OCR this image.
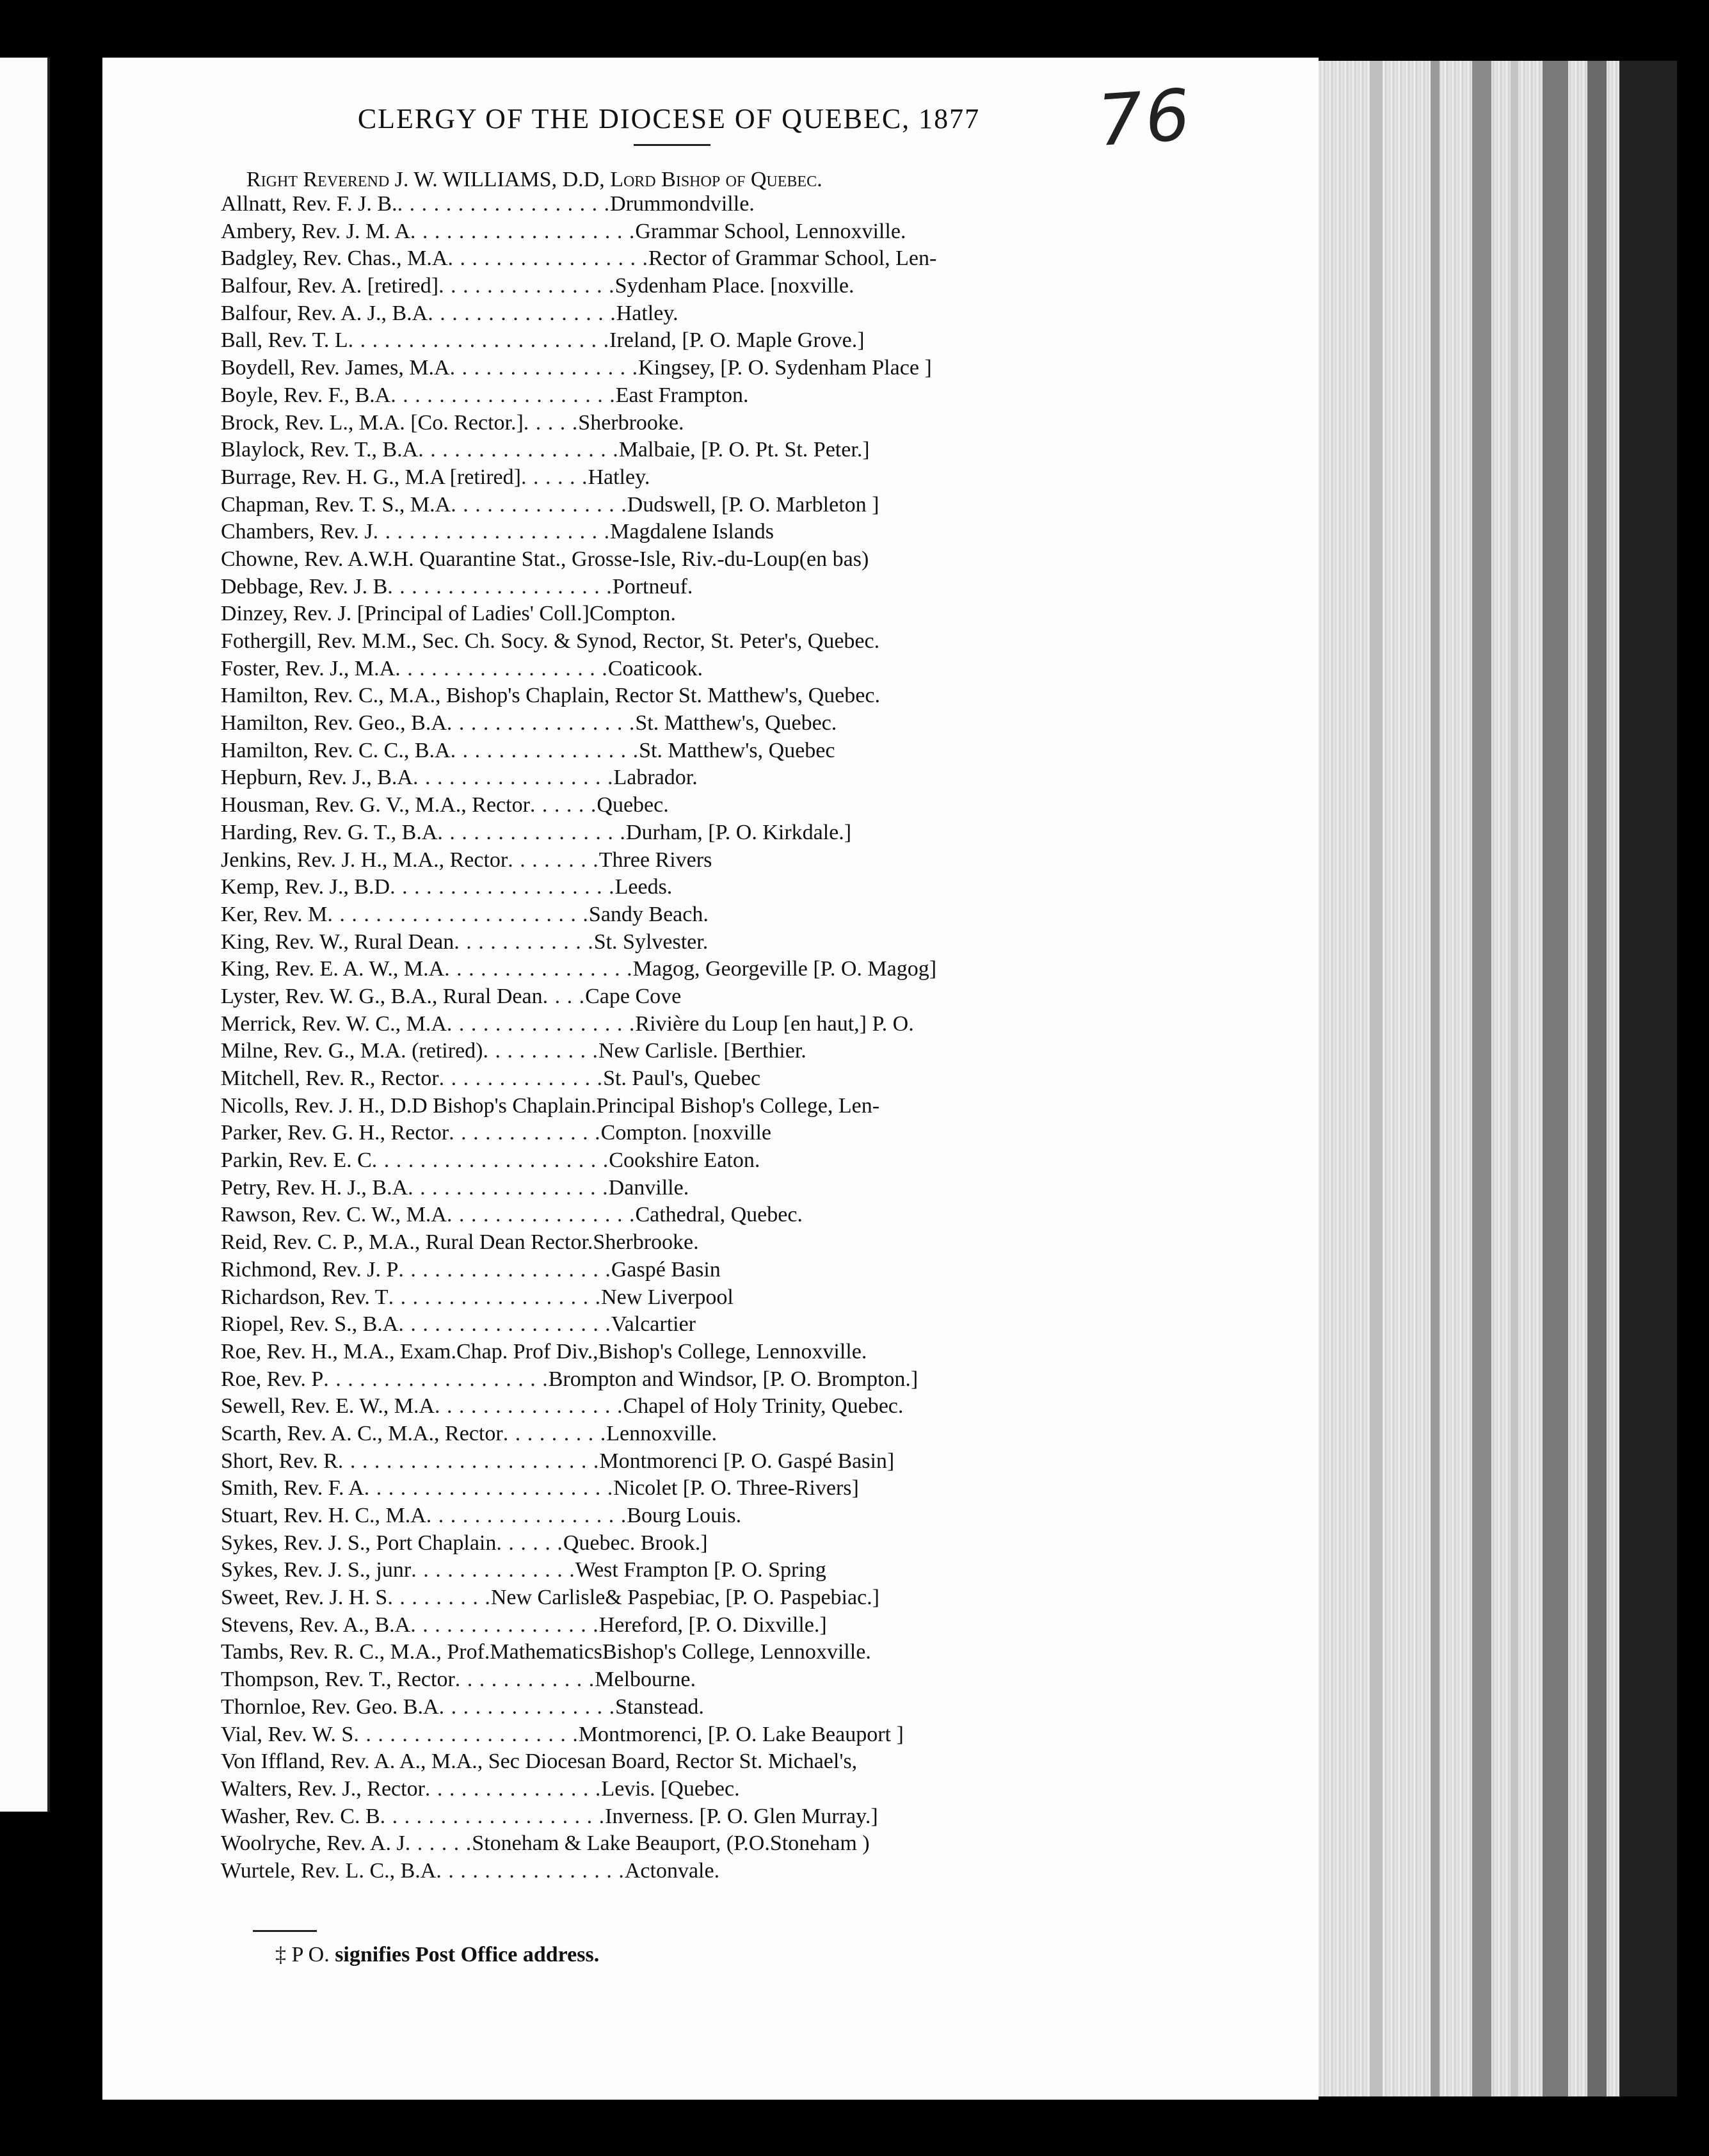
CLERGY OF THE DIOCESE OF QUEBEC, 1877	76
Right Reverend J. W. WILLIAMS, D.D, Lord Bishop of Quebec.
Allnatt, Rev. F. J. B. . . . . . . . . . . . . . . . . . . Drummondville.
Ambery, Rev. J. M. A . . . . . . . . . . . . . . . . . . . Grammar School, Lennoxville.
Badgley, Rev. Chas., M.A . . . . . . . . . . . . . . . . . Rector of Grammar School, Len-
Balfour, Rev. A. [retired] . . . . . . . . . . . . . . . Sydenham Place. [noxville.
Balfour, Rev. A. J., B.A . . . . . . . . . . . . . . . . Hatley.
Ball, Rev. T. L . . . . . . . . . . . . . . . . . . . . . . Ireland, [P. O. Maple Grove.]
Boydell, Rev. James, M.A . . . . . . . . . . . . . . . . Kingsey, [P. O. Sydenham Place ]
Boyle, Rev. F., B.A . . . . . . . . . . . . . . . . . . . East Frampton.
Brock, Rev. L., M.A. [Co. Rector.] . . . . . Sherbrooke.
Blaylock, Rev. T., B.A . . . . . . . . . . . . . . . . . Malbaie, [P. O. Pt. St. Peter.]
Burrage, Rev. H. G., M.A [retired] . . . . . . Hatley.
Chapman, Rev. T. S., M.A . . . . . . . . . . . . . . . Dudswell, [P. O. Marbleton ]
Chambers, Rev. J . . . . . . . . . . . . . . . . . . . . Magdalene Islands
Chowne, Rev. A.W.H. Quarantine Stat., Grosse-Isle, Riv.-du-Loup (en bas)
Debbage, Rev. J. B . . . . . . . . . . . . . . . . . . . Portneuf.
Dinzey, Rev. J. [Principal of Ladies' Coll.] Compton.
Fothergill, Rev. M.M., Sec. Ch. Socy. & Synod, Rector, St. Peter's, Quebec.
Foster, Rev. J., M.A . . . . . . . . . . . . . . . . . . Coaticook.
Hamilton, Rev. C., M.A., Bishop's Chaplain, Rector St. Matthew's, Quebec.
Hamilton, Rev. Geo., B.A . . . . . . . . . . . . . . . . St. Matthew's, Quebec.
Hamilton, Rev. C. C., B.A . . . . . . . . . . . . . . . . St. Matthew's, Quebec
Hepburn, Rev. J., B.A . . . . . . . . . . . . . . . . . Labrador.
Housman, Rev. G. V., M.A., Rector . . . . . . Quebec.
Harding, Rev. G. T., B.A . . . . . . . . . . . . . . . . Durham, [P. O. Kirkdale.]
Jenkins, Rev. J. H., M.A., Rector . . . . . . . . Three Rivers
Kemp, Rev. J., B.D . . . . . . . . . . . . . . . . . . . Leeds.
Ker, Rev. M . . . . . . . . . . . . . . . . . . . . . . Sandy Beach.
King, Rev. W., Rural Dean . . . . . . . . . . . . St. Sylvester.
King, Rev. E. A. W., M.A . . . . . . . . . . . . . . . . Magog, Georgeville [P. O. Magog]
Lyster, Rev. W. G., B.A., Rural Dean . . . . Cape Cove
Merrick, Rev. W. C., M.A . . . . . . . . . . . . . . . . Rivière du Loup [en haut,] P. O.
Milne, Rev. G., M.A. (retired) . . . . . . . . . . New Carlisle. [Berthier.
Mitchell, Rev. R., Rector . . . . . . . . . . . . . . St. Paul's, Quebec
Nicolls, Rev. J. H., D.D Bishop's Chaplain. Principal Bishop's College, Len-
Parker, Rev. G. H., Rector . . . . . . . . . . . . . Compton. [noxville
Parkin, Rev. E. C . . . . . . . . . . . . . . . . . . . . Cookshire Eaton.
Petry, Rev. H. J., B.A . . . . . . . . . . . . . . . . . Danville.
Rawson, Rev. C. W., M.A . . . . . . . . . . . . . . . . Cathedral, Quebec.
Reid, Rev. C. P., M.A., Rural Dean Rector. Sherbrooke.
Richmond, Rev. J. P . . . . . . . . . . . . . . . . . . Gaspé Basin
Richardson, Rev. T . . . . . . . . . . . . . . . . . . New Liverpool
Riopel, Rev. S., B.A . . . . . . . . . . . . . . . . . . Valcartier
Roe, Rev. H., M.A., Exam.Chap. Prof Div., Bishop's College, Lennoxville.
Roe, Rev. P . . . . . . . . . . . . . . . . . . . Brompton and Windsor, [P. O. Brompton.]
Sewell, Rev. E. W., M.A . . . . . . . . . . . . . . . . Chapel of Holy Trinity, Quebec.
Scarth, Rev. A. C., M.A., Rector . . . . . . . . . Lennoxville.
Short, Rev. R . . . . . . . . . . . . . . . . . . . . . . Montmorenci [P. O. Gaspé Basin]
Smith, Rev. F. A . . . . . . . . . . . . . . . . . . . . . Nicolet [P. O. Three-Rivers]
Stuart, Rev. H. C., M.A . . . . . . . . . . . . . . . . . Bourg Louis.
Sykes, Rev. J. S., Port Chaplain . . . . . . Quebec. Brook.]
Sykes, Rev. J. S., junr . . . . . . . . . . . . . . West Frampton [P. O. Spring
Sweet, Rev. J. H. S . . . . . . . . . New Carlisle& Paspebiac, [P. O. Paspebiac.]
Stevens, Rev. A., B.A . . . . . . . . . . . . . . . . Hereford, [P. O. Dixville.]
Tambs, Rev. R. C., M.A., Prof.Mathematics Bishop's College, Lennoxville.
Thompson, Rev. T., Rector . . . . . . . . . . . . Melbourne.
Thornloe, Rev. Geo. B.A . . . . . . . . . . . . . . . Stanstead.
Vial, Rev. W. S . . . . . . . . . . . . . . . . . . . Montmorenci, [P. O. Lake Beauport ]
Von Iffland, Rev. A. A., M.A., Sec Diocesan Board, Rector St. Michael's,
Walters, Rev. J., Rector . . . . . . . . . . . . . . . Levis. [Quebec.
Washer, Rev. C. B . . . . . . . . . . . . . . . . . . . Inverness. [P. O. Glen Murray.]
Woolryche, Rev. A. J . . . . . . Stoneham & Lake Beauport, (P.O.Stoneham )
Wurtele, Rev. L. C., B.A . . . . . . . . . . . . . . . . Actonvale.
‡ P O. signifies Post Office address.
